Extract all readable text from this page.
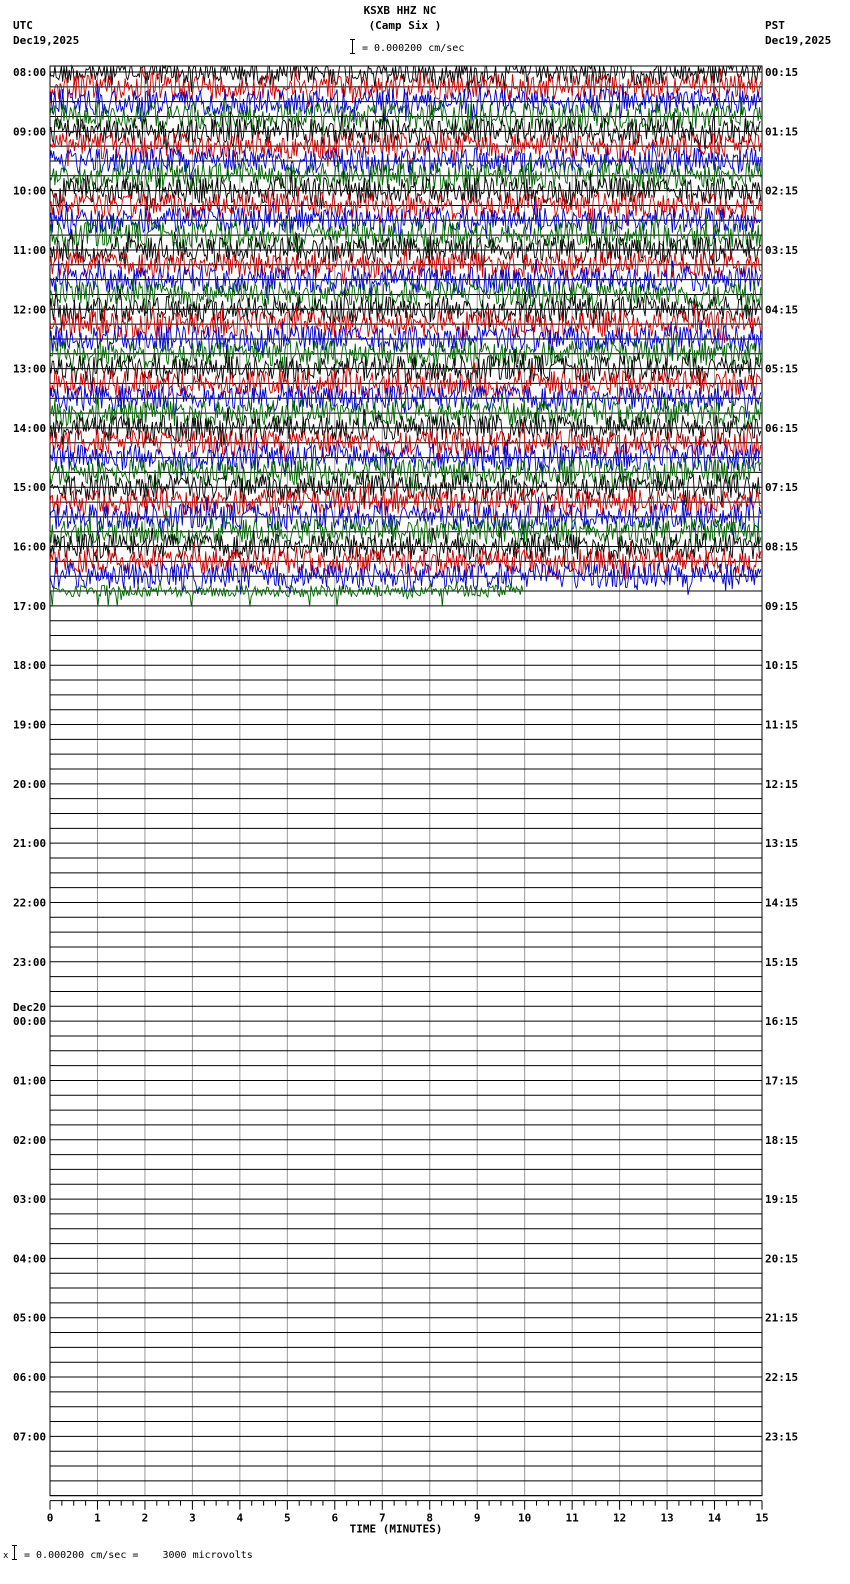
KSXB HHZ NC
(Camp Six )
UTC
Dec19,2025
PST
Dec19,2025
= 0.000200 cm/sec
08:00	00:15
09:00	01:15
10:00	02:15
11:00	03:15
12:00	04:15
13:00	05:15
14:00	06:15
15:00	07:15
16:00	08:15
17:00	09:15
18:00	10:15
19:00	11:15
20:00	12:15
21:00	13:15
22:00	14:15
23:00	15:15
00:00	16:15
01:00	17:15
02:00	18:15
03:00	19:15
04:00	20:15
05:00	21:15
06:00	22:15
07:00	23:15
Dec20
0	1	2	3	4	5	6	7	8	9	10	11	12	13	14	15
TIME (MINUTES)
x = 0.000200 cm/sec =    3000 microvolts
